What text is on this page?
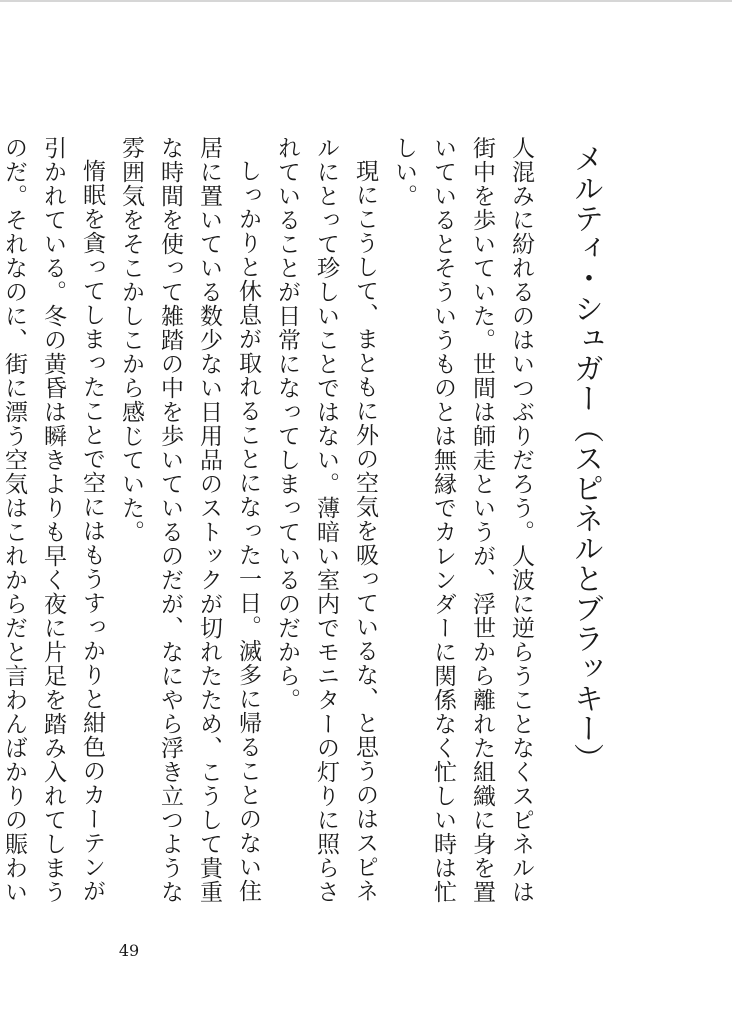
メルティ・シュガー（スピネルとブラッキー）

人混みに紛れるのはいつぶりだろう。人波に逆らうことなくスピネルは街中を歩いていた。世間は師走というが、浮世から離れた組織に身を置いているとそういうものとは無縁でカレンダーに関係なく忙しい時は忙しい。

現にこうして、まともに外の空気を吸っているな、と思うのはスピネルにとって珍しいことではない。薄暗い室内でモニターの灯りに照らされていることが日常になってしまっているのだから。

しっかりと休息が取れることになった一日。滅多に帰ることのない住居に置いている数少ない日用品のストックが切れたため、こうして貴重な時間を使って雑踏の中を歩いているのだが、なにやら浮き立つような雰囲気をそこかしこから感じていた。

惰眠を貪ってしまったことで空にはもうすっかりと紺色のカーテンが引かれている。冬の黄昏は瞬きよりも早く夜に片足を踏み入れてしまうのだ。それなのに、街に漂う空気はこれからだと言わんばかりの賑わい

49
